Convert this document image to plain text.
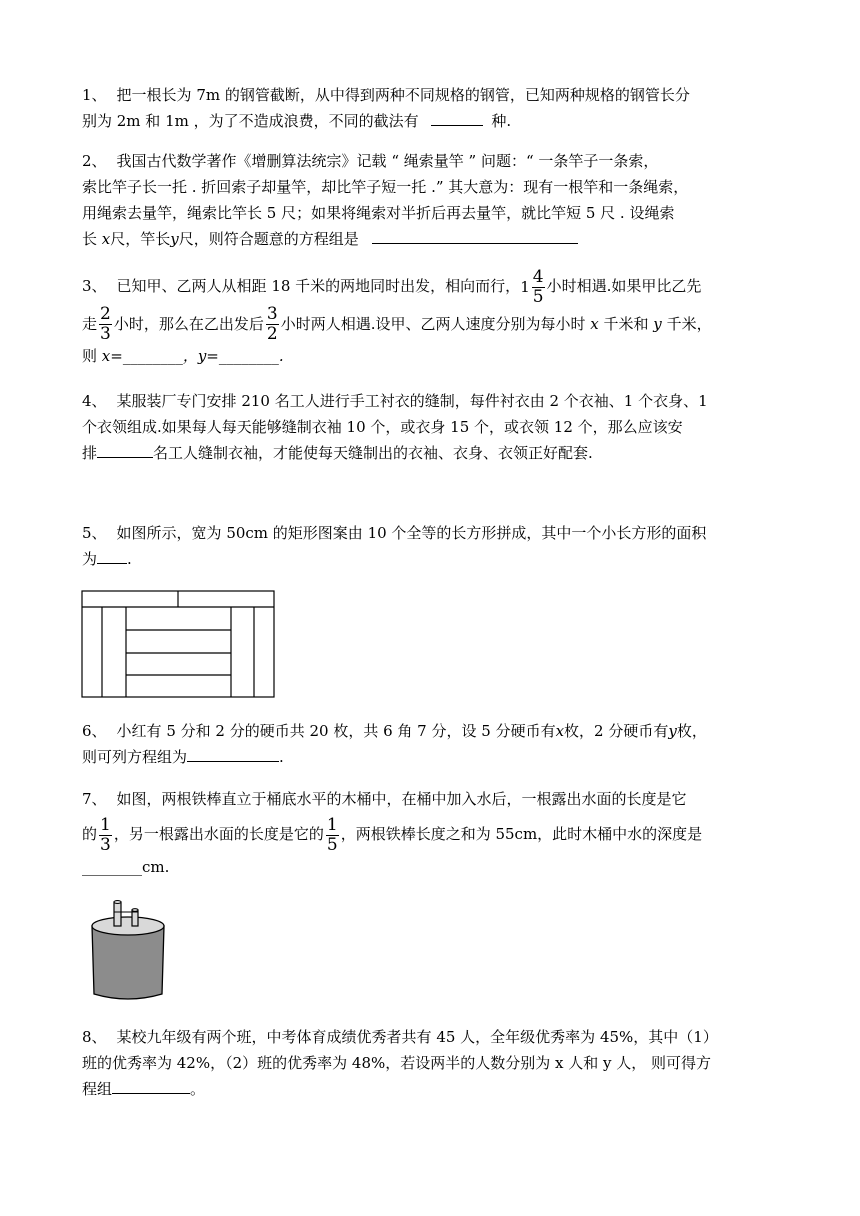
1、 把一根长为 7m 的钢管截断，从中得到两种不同规格的钢管，已知两种规格的钢管长分
别为 2m 和 1m ，为了不造成浪费，不同的截法有	种.
2、 我国古代数学著作《增删算法统宗》记载 “ 绳索量竿 ” 问题：“ 一条竿子一条索，
索比竿子长一托 . 折回索子却量竿，却比竿子短一托 .” 其大意为：现有一根竿和一条绳索，
用绳索去量竿，绳索比竿长 5 尺；如果将绳索对半折后再去量竿，就比竿短 5 尺 . 设绳索
长 x尺，竿长y尺，则符合题意的方程组是
3、 已知甲、乙两人从相距 18 千米的两地同时出发，相向而行，$1 \frac{4}{5}$ 小时相遇.如果甲比乙先
走 $\frac{2}{3}$ 小时，那么在乙出发后 $\frac{3}{2}$ 小时两人相遇.设甲、乙两人速度分别为每小时 x 千米和 y 千米，
则 x=________，y=________.
4、 某服装厂专门安排 210 名工人进行手工衬衣的缝制，每件衬衣由 2 个衣袖、1 个衣身、1
个衣领组成.如果每人每天能够缝制衣袖 10 个，或衣身 15 个，或衣领 12 个，那么应该安
排	名工人缝制衣袖，才能使每天缝制出的衣袖、衣身、衣领正好配套.
5、 如图所示，宽为 50cm 的矩形图案由 10 个全等的长方形拼成，其中一个小长方形的面积
为 .
6、 小红有 5 分和 2 分的硬币共 20 枚，共 6 角 7 分，设 5 分硬币有x枚，2 分硬币有y枚，
则可列方程组为	.
7、 如图，两根铁棒直立于桶底水平的木桶中，在桶中加入水后，一根露出水面的长度是它
的 $\frac{1}{3}$ ，另一根露出水面的长度是它的 $\frac{1}{5}$ ，两根铁棒长度之和为 55cm，此时木桶中水的深度是
________cm.
8、 某校九年级有两个班，中考体育成绩优秀者共有 45 人，全年级优秀率为 45%，其中（1）
班的优秀率为 42%，（2）班的优秀率为 48%，若设两半的人数分别为 x 人和 y 人， 则可得方
程组	。
